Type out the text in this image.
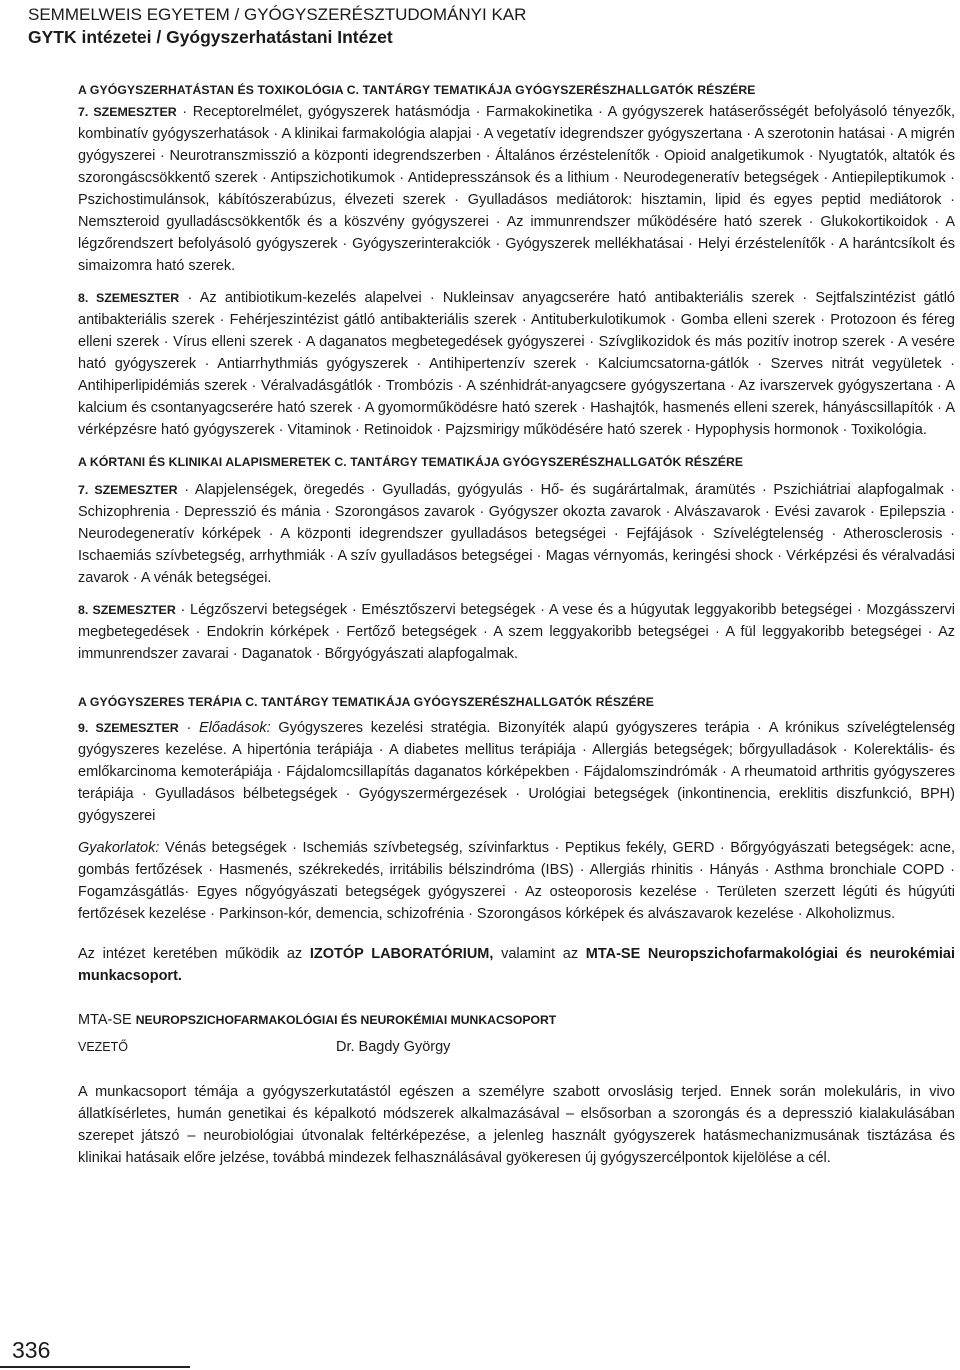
SEMMELWEIS EGYETEM / GYÓGYSZERÉSZTUDOMÁNYI KAR
GYTK intézetei / Gyógyszerhatástani Intézet

A GYÓGYSZERHATÁSTAN ÉS TOXIKOLÓGIA C. TANTÁRGY TEMATIKÁJA GYÓGYSZERÉSZHALLGATÓK RÉSZÉRE

7. SZEMESZTER · Receptorelmélet, gyógyszerek hatásmódja · Farmakokinetika · A gyógyszerek hatáserősségét befolyásoló tényezők, kombinatív gyógyszerhatások · A klinikai farmakológia alapjai · A vegetatív idegrendszer gyógyszertana · A szerotonin hatásai · A migrén gyógyszerei · Neurotranszmisszió a központi idegrendszerben · Általános érzéstelenítők · Opioid analgetikumok · Nyugtatók, altatók és szorongáscsökkentő szerek · Antipszichotikumok · Antidepresszánsok és a lithium · Neurodegeneratív betegségek · Antiepileptikumok · Pszichostimulánsok, kábítószerabúzus, élvezeti szerek · Gyulladásos mediátorok: hisztamin, lipid és egyes peptid mediátorok · Nemszteroid gyulladáscsökkentők és a köszvény gyógyszerei · Az immunrendszer működésére ható szerek · Glukokortikoidok · A légzőrendszert befolyásoló gyógyszerek · Gyógyszerinterakciók · Gyógyszerek mellékhatásai · Helyi érzéstelenítők · A harántcsíkolt és simaizomra ható szerek.

8. SZEMESZTER · Az antibiotikum-kezelés alapelvei · Nukleinsav anyagcserére ható antibakteriális szerek · Sejtfalszintézist gátló antibakteriális szerek · Fehérjeszintézist gátló antibakteriális szerek · Antituberkulotikumok · Gomba elleni szerek · Protozoon és féreg elleni szerek · Vírus elleni szerek · A daganatos megbetegedések gyógyszerei · Szívglikozidok és más pozitív inotrop szerek · A vesére ható gyógyszerek · Antiarrhythmiás gyógyszerek · Antihipertenzív szerek · Kalciumcsatorna-gátlók · Szerves nitrát vegyületek · Antihiperlipidémiás szerek · Véralvadásgátlók · Trombózis · A szénhidrát-anyagcsere gyógyszertana · Az ivarszervek gyógyszertana · A kalcium és csontanyagcserére ható szerek · A gyomorműködésre ható szerek · Hashajtók, hasmenés elleni szerek, hányáscsillapítók · A vérképzésre ható gyógyszerek · Vitaminok · Retinoidok · Pajzsmirigy működésére ható szerek · Hypophysis hormonok · Toxikológia.

A KÓRTANI ÉS KLINIKAI ALAPISMERETEK C. TANTÁRGY TEMATIKÁJA GYÓGYSZERÉSZHALLGATÓK RÉSZÉRE

7. SZEMESZTER · Alapjelenségek, öregedés · Gyulladás, gyógyulás · Hő- és sugárártalmak, áramütés · Pszichiátriai alapfogalmak · Schizophrenia · Depresszió és mánia · Szorongásos zavarok · Gyógyszer okozta zavarok · Alvászavarok · Evési zavarok · Epilepszia · Neurodegeneratív kórképek · A központi idegrendszer gyulladásos betegségei · Fejfájások · Szívelégtelenség · Atherosclerosis · Ischaemiás szívbetegség, arrhythmiák · A szív gyulladásos betegségei · Magas vérnyomás, keringési shock · Vérképzési és véralvadási zavarok · A vénák betegségei.

8. SZEMESZTER · Légzőszervi betegségek · Emésztőszervi betegségek · A vese és a húgyutak leggyakoribb betegségei · Mozgásszervi megbetegedések · Endokrin kórképek · Fertőző betegségek · A szem leggyakoribb betegségei · A fül leggyakoribb betegségei · Az immunrendszer zavarai · Daganatok · Bőrgyógyászati alapfogalmak.

A GYÓGYSZERES TERÁPIA C. TANTÁRGY TEMATIKÁJA GYÓGYSZERÉSZHALLGATÓK RÉSZÉRE

9. SZEMESZTER · Előadások: Gyógyszeres kezelési stratégia. Bizonyíték alapú gyógyszeres terápia · A krónikus szívelégtelenség gyógyszeres kezelése. A hipertónia terápiája · A diabetes mellitus terápiája · Allergiás betegségek; bőrgyulladások · Kolerektális- és emlőkarcinoma kemoterápiája · Fájdalomcsillapítás daganatos kórképekben · Fájdalomszindrómák · A rheumatoid arthritis gyógyszeres terápiája · Gyulladásos bélbetegségek · Gyógyszermérgezések · Urológiai betegségek (inkontinencia, ereklitis diszfunkció, BPH) gyógyszerei

Gyakorlatok: Vénás betegségek · Ischemiás szívbetegség, szívinfarktus · Peptikus fekély, GERD · Bőrgyógyászati betegségek: acne, gombás fertőzések · Hasmenés, székrekedés, irritábilis bélszindróma (IBS) · Allergiás rhinitis · Hányás · Asthma bronchiale COPD · Fogamzásgátlás· Egyes nőgyógyászati betegségek gyógyszerei · Az osteoporosis kezelése · Területen szerzett légúti és húgyúti fertőzések kezelése · Parkinson-kór, demencia, schizofrénia · Szorongásos kórképek és alvászavarok kezelése · Alkoholizmus.

Az intézet keretében működik az IZOTÓP LABORATÓRIUM, valamint az MTA-SE Neuropszichofarmakológiai és neurokémiai munkacsoport.

MTA-SE NEUROPSZICHOFARMAKOLÓGIAI ÉS NEUROKÉMIAI MUNKACSOPORT
VEZETŐ	Dr. Bagdy György

A munkacsoport témája a gyógyszerkutatástól egészen a személyre szabott orvoslásig terjed. Ennek során molekuláris, in vivo állatkísérletes, humán genetikai és képalkotó módszerek alkalmazásával – elsősorban a szorongás és a depresszió kialakulásában szerepet játszó – neurobiológiai útvonalak feltérképezése, a jelenleg használt gyógyszerek hatásmechanizmusának tisztázása és klinikai hatásaik előre jelzése, továbbá mindezek felhasználásával gyökeresen új gyógyszercélpontok kijelölése a cél.

336
